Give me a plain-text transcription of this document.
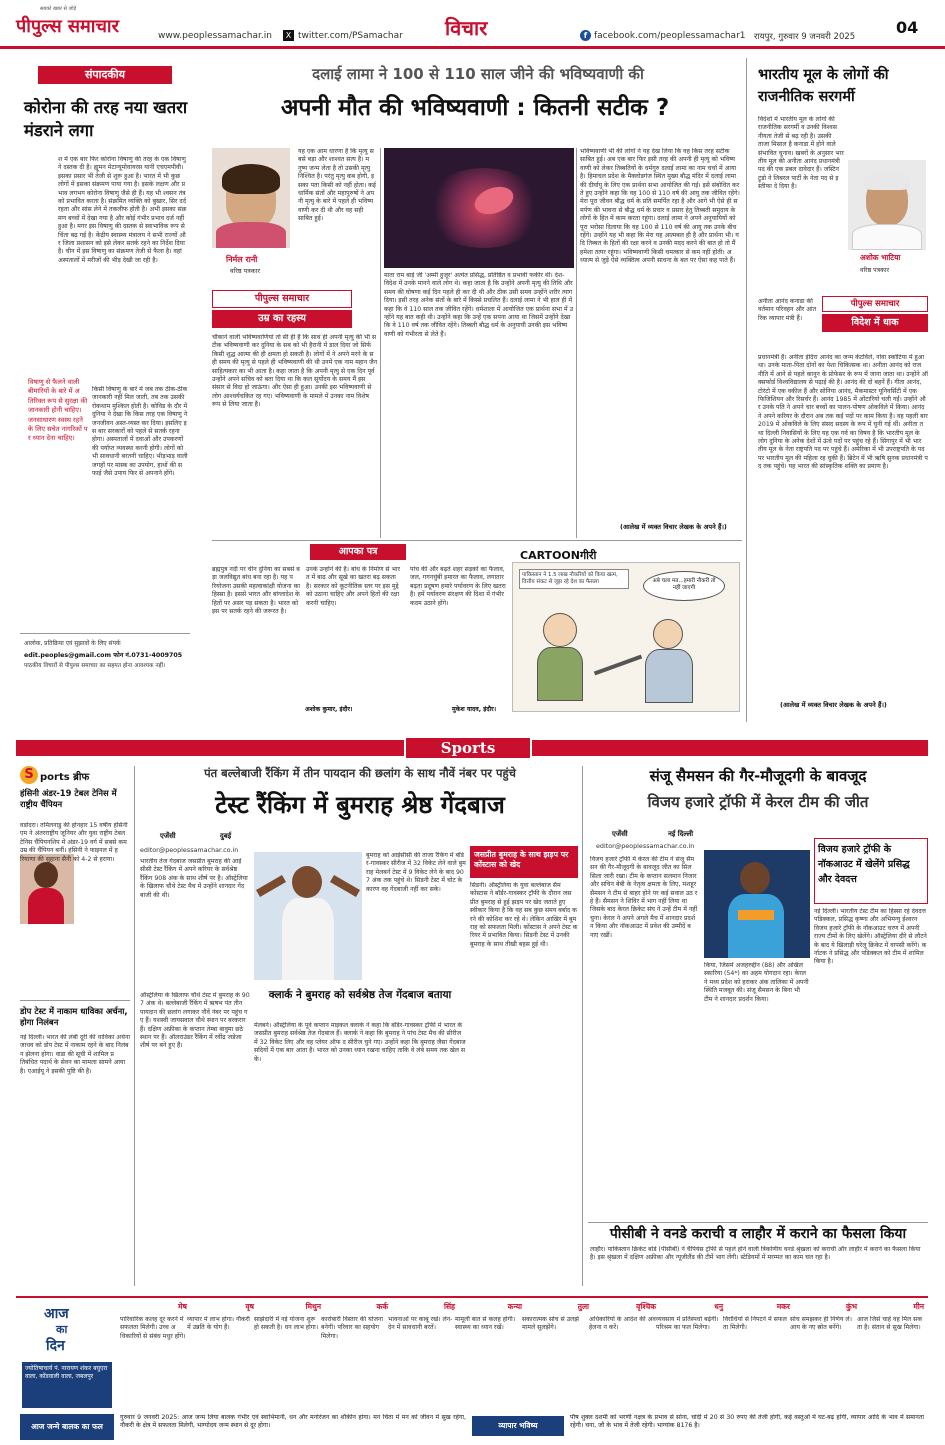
पीपुल्स समाचार
सबको खबर से जोड़े
www.peoplessamachar.in	X twitter.com/PSamachar विचार	f facebook.com/peoplessamachar1 रायपुर, गुरुवार 9 जनवरी 2025	04
संपादकीय
कोरोना की तरह नया खतरा मंडराने लगा
श में एक बार फिर कोरोना विषाणु की तरह के एक विषाणु ने दस्तक दी है। ह्यूमन मेटान्यूमोवायरस यानी एचएमपीवी। इसका प्रसार भी तेजी से शुरू हुआ है। भारत में भी कुछ लोगों में इसका संक्रमण पाया गया है। इसके लक्षण और प्रभाव लगभग कोरोना विषाणु जैसे ही हैं। यह भी श्वसन तंत्र को प्रभावित करता है। संक्रमित व्यक्ति को बुखार, सिर दर्द रहता और सांस लेने में तकलीफ होती है। अभी इसका संक्रमण बच्चों में देखा गया है और कोई गंभीर प्रभाव दर्ज नहीं हुआ है। मगर इस विषाणु की दस्तक से स्वाभाविक रूप से चिंता बढ़ गई है। केंद्रीय स्वास्थ्य मंत्रालय ने सभी राज्यों और जिला प्रशासन को इसे लेकर सतर्क रहने का निर्देश दिया है। चीन में इस विषाणु का संक्रमण तेजी से फैला है। वहां अस्पतालों में मरीजों की भीड़ देखी जा रही है।
विषाणु से फैलने वाली बीमारियों के बारे में अतिरिक्त रूप से सुरक्षा की जानकारी होनी चाहिए। जनसाधारण स्वस्थ रहने के लिए सचेत नागरिकों पर ध्यान देना चाहिए।
किसी विषाणु के बारे में जब तक ठीक-ठीक जानकारी नहीं मिल जाती, तब तक उसकी रोकथाम मुश्किल होती है। कोविड के दौर में दुनिया ने देखा कि किस तरह एक विषाणु ने जनजीवन अस्त-व्यस्त कर दिया। इसलिए इस बार सरकारों को पहले से सतर्क रहना होगा। अस्पतालों में दवाओं और उपकरणों की पर्याप्त व्यवस्था करनी होगी। लोगों को भी सावधानी बरतनी चाहिए। भीड़भाड़ वाली जगहों पर मास्क का उपयोग, हाथों की सफाई जैसे उपाय फिर से अपनाने होंगे।
आलोक, प्रतिक्रिया एवं सुझावों के लिए संपर्क
edit.peoples@gmail.com फोन नं.0731-4009705
पाठकीय विचारों से पीपुल्स समाचार का सहमत होना आवश्यक नहीं।
दलाई लामा ने 100 से 110 साल जीने की भविष्यवाणी की
अपनी मौत की भविष्यवाणी : कितनी सटीक ?
निर्मल रानी
वरिष्ठ पत्रकार
यह एक आम धारणा है कि मृत्यु सबसे बड़ा और शाश्वत सत्य है। मनुष्य जन्म लेता है तो उसकी मृत्यु निश्चित है। परंतु मृत्यु कब होगी, इसका पता किसी को नहीं होता। कई धार्मिक संतों और महापुरुषों ने अपनी मृत्यु के बारे में पहले ही भविष्यवाणी कर दी थी और वह सही साबित हुई।
माता राम बाई जी 'अम्मी हुजूर' अत्यंत प्रसिद्ध, प्रतिष्ठित व प्रभावी फकीर थीं। देश-विदेश में उनके मानने वाले लोग थे। कहा जाता है कि उन्होंने अपनी मृत्यु की तिथि और समय की घोषणा कई दिन पहले ही कर दी थी और ठीक उसी समय उन्होंने शरीर त्याग दिया। इसी तरह अनेक संतों के बारे में किस्से प्रचलित हैं। दलाई लामा ने भी हाल ही में कहा कि वे 110 साल तक जीवित रहेंगे। धर्मशाला में आयोजित एक प्रार्थना सभा में उन्होंने यह बात कही थी। उन्होंने कहा कि उन्हें एक सपना आया था जिसमें उन्होंने देखा कि वे 110 वर्ष तक जीवित रहेंगे। तिब्बती बौद्ध धर्म के अनुयायी उनकी इस भविष्यवाणी को गंभीरता से लेते हैं।
पीपुल्स समाचार
उम्र का रहस्य
चौकाने वाली भविष्यवाणियां तो सी ही हैं कि साथ ही अपनी मृत्यु की भी सटीक भविष्यवाणी कर दुनिया के सब को भी हैरानी में डाल दिया जो सिर्फ किसी शुद्ध आत्मा की ही क्षमता हो सकती है। लोगों में ने अपने मरने के सही समय की मृत्यु से पहले ही भविष्यवाणी की थी उनमें एक नाम महान जैन साहित्यकार का भी आता है। कहा जाता है कि अपनी मृत्यु से एक दिन पूर्व उन्होंने अपने सचिव को बता दिया था कि कल सूर्योदय के समय मैं इस संसार से विदा हो जाऊंगा। और ऐसा ही हुआ। उनकी इस भविष्यवाणी से लोग आश्चर्यचकित रह गए। भविष्यवाणी के मामले में उनका नाम विशेष रूप से लिया जाता है।
भविष्यवाणी भी की लोगों ने यह देख लिया कि वह किस तरह सटीक साबित हुई। अब एक बार फिर इसी तरह की अपनी ही मृत्यु को भविष्यवाणी को लेकर तिब्बतियों के धर्मगुरु दलाई लामा का नाम चर्चा में आया है। हिमाचल प्रदेश के मैक्लोडगंज स्थित मुख्य बौद्ध मंदिर में दलाई लामा की दीर्घायु के लिए एक प्रार्थना सभा आयोजित की गई। इसे संबोधित करते हुए उन्होंने कहा कि वह 100 से 110 वर्ष की आयु तक जीवित रहेंगे। मेरा पूरा जीवन बौद्ध धर्म के प्रति समर्पित रहा है और आगे भी ऐसे ही समर्पण की भावना से बौद्ध धर्म के प्रचार व प्रसार हेतु तिब्बती समुदाय के लोगों के हित में काम करता रहूंगा। दलाई लामा ने अपने अनुयायियों को पूरा भरोसा दिलाया कि वह 100 से 110 वर्ष की आयु तक उनके बीच रहेंगे। उन्होंने यह भी कहा कि मेरा यह आत्मबल ही है और प्रार्थना भी। यदि तिब्बत के हितों की रक्षा करने व उनकी मदद करने की बात हो तो मैं हमेशा तत्पर रहूंगा। भविष्यवाणी किसी चमत्कार से कम नहीं होती। अध्यात्म से जुड़े ऐसे व्यक्तित्व अपनी साधना के बल पर ऐसा कह पाते हैं।
(आलेख में व्यक्त विचार लेखक के अपने हैं।)
भारतीय मूल के लोगों की राजनीतिक सरगर्मी
विदेशों में भारतीय मूल के लोगों की राजनीतिक सरगर्मी व उनकी विश्वसनीयता तेजी से बढ़ रही है। उसकी ताजा मिसाल है कनाडा में होने वाले संभावित चुनाव। खबरों के अनुसार भारतीय मूल की अनीता आनंद प्रधानमंत्री पद की एक प्रबल दावेदार हैं। जस्टिन ट्रूडो ने लिबरल पार्टी के नेता पद से इस्तीफा दे दिया है।
अशोक भाटिया
वरिष्ठ पत्रकार
अनीता आनंद कनाडा की वर्तमान परिवहन और आंतरिक व्यापार मंत्री हैं।
पीपुल्स समाचार
विदेश में धाक
प्रधानमंत्री हैं। अनीता इंदिरा आनंद का जन्म केंटविले, नोवा स्कोटिया में हुआ था। उनके माता-पिता दोनों का पेशा चिकित्सक था। अनीता आनंद को राजनीति में आने से पहले कानून के प्रोफेसर के रूप में जाना जाता था। उन्होंने ऑक्सफोर्ड विश्वविद्यालय से पढ़ाई की है। आनंद की दो बहनें हैं। गीता आनंद, टोरंटो में एक वकील हैं और सोनिया आनंद, मैकमास्टर यूनिवर्सिटी में एक फिजिशियन और रिसर्चर हैं। आनंद 1985 में ओंटारियो चली गईं। उन्होंने और उनके पति ने अपने चार बच्चों का पालन-पोषण ओकविले में किया। आनंद ने अपने करियर के दौरान अब तक कई पदों पर काम किया है। वह पहली बार 2019 में ओकविले के लिए संसद सदस्य के रूप में चुनी गई थीं। अनीता तथा दिल्ली निवासियों के लिए यह एक गर्व का विषय है कि भारतीय मूल के लोग दुनिया के अनेक देशों में ऊंचे पदों पर पहुंच रहे हैं। सिंगापुर में भी भारतीय मूल के नेता राष्ट्रपति पद पर पहुंचे हैं। अमेरिका में भी उपराष्ट्रपति के पद पर भारतीय मूल की महिला रह चुकी हैं। ब्रिटेन में भी ऋषि सुनक प्रधानमंत्री पद तक पहुंचे। यह भारत की सांस्कृतिक शक्ति का प्रमाण है।
(आलेख में व्यक्त विचार लेखक के अपने हैं।)
आपका पत्र
ब्रह्मपुत्र नदी पर चीन दुनिया का सबसे बड़ा जलविद्युत बांध बना रहा है। यह परियोजना उसकी महत्वाकांक्षी योजना का हिस्सा है। इससे भारत और बांग्लादेश के हितों पर असर पड़ सकता है। भारत को इस पर सतर्क रहने की जरूरत है।
अशोक कुमार, इंदौर।
उनके उन्होंने की है। बांध के निर्माण से भारत में बाढ़ और सूखे का खतरा बढ़ सकता है। सरकार को कूटनीतिक स्तर पर इस मुद्दे को उठाना चाहिए और अपने हितों की रक्षा करनी चाहिए।
पांच की और बढ़ते शहर सड़कों का फैलाव, जल, गगनचुंबी इमारत का फैलाव, लगातार बढ़ता प्रदूषण हमारे पर्यावरण के लिए खतरा है। हमें पर्यावरण संरक्षण की दिशा में गंभीर कदम उठाने होंगे।
मुकेश यादव, इंदौर।
CARTOONगीरी
पाकिस्तान ने 1.5 लाख नौकरियों को किया खत्म, वित्तीय संकट से जूझ रहे देश का फैसला	अबे चला मत...हमारी नौकरी तो नहीं जाएगी
Sports
S ports ब्रीफ
हंसिनी अंडर-19 टेबल टेनिस में राष्ट्रीय चैंपियन
वडोदरा। तमिलनाडु की होनहार 15 वर्षीय हंसिनी एम ने अंतरराष्ट्रीय जूनियर और युवा राष्ट्रीय टेबल टेनिस चैंपियनशिप में अंडर-19 वर्ग में सबसे कम उम्र की चैंपियन बनीं। हंसिनी ने फाइनल में हरियाणा की सुहाना सैनी को 4-2 से हराया।
डोप टेस्ट में नाकाम धाविका अर्चना, होगा निलंबन
नई दिल्ली। भारत की लंबी दूरी की धाविका अर्चना जाधव को डोप टेस्ट में नाकाम रहने के बाद निलंबन झेलना होगा। वाडा की सूची में शामिल प्रतिबंधित पदार्थ के सेवन का मामला सामने आया है। एआईयू ने इसकी पुष्टि की है।
पंत बल्लेबाजी रैंकिंग में तीन पायदान की छलांग के साथ नौवें नंबर पर पहुंचे
टेस्ट रैंकिंग में बुमराह श्रेष्ठ गेंदबाज
एजेंसी	दुबई
editor@peoplessamachar.co.in
भारतीय तेज गेंदबाज जसप्रीत बुमराह की आईसीसी टेस्ट रैंकिंग में अपने करियर के सर्वश्रेष्ठ रैंकिंग 908 अंक के साथ शीर्ष पर है। ऑस्ट्रेलिया के खिलाफ चौथे टेस्ट मैच में उन्होंने शानदार गेंदबाजी की थी।
बुमराह को आईसीसी की ताजा रैंकिंग में बॉर्डर-गावस्कर सीरीज में 32 विकेट लेने वाले बुमराह मेलबर्न टेस्ट में 9 विकेट लेने के बाद 907 अंक तक पहुंचे थे। सिडनी टेस्ट में चोट के कारण वह गेंदबाजी नहीं कर सके।
जसप्रीत बुमराह के साथ झड़प पर कोंस्टास को खेद
सिडनी। ऑस्ट्रेलिया के युवा बल्लेबाज सैम कोंस्टास ने बॉर्डर-गावस्कर ट्रॉफी के दौरान जसप्रीत बुमराह से हुई झड़प पर खेद जताते हुए स्वीकार किया है कि वह सब कुछ समय बर्बाद करने की कोशिश कर रहे थे। लेकिन आखिर में बुमराह को सफलता मिली। कोंस्टास ने अपने टेस्ट करियर में प्रभावित किया। सिडनी टेस्ट में उनकी बुमराह के साथ तीखी बहस हुई थी।
क्लार्क ने बुमराह को सर्वश्रेष्ठ तेज गेंदबाज बताया
मेलबर्न। ऑस्ट्रेलिया के पूर्व कप्तान माइकल क्लार्क ने कहा कि बॉर्डर-गावस्कर ट्रॉफी में भारत के जसप्रीत बुमराह सर्वश्रेष्ठ तेज गेंदबाज हैं। क्लार्क ने कहा कि बुमराह ने पांच टेस्ट मैच की सीरीज में 32 विकेट लिए और वह प्लेयर ऑफ द सीरीज चुने गए। उन्होंने कहा कि बुमराह जैसा गेंदबाज सदियों में एक बार आता है। भारत को उनका ध्यान रखना चाहिए ताकि वे लंबे समय तक खेल सकें।
ऑस्ट्रेलिया के खिलाफ चौथे टेस्ट में बुमराह के 907 अंक थे। बल्लेबाजी रैंकिंग में ऋषभ पंत तीन पायदान की छलांग लगाकर नौवें नंबर पर पहुंच गए हैं। यशस्वी जायसवाल चौथे स्थान पर बरकरार हैं। दक्षिण अफ्रीका के कप्तान तेम्बा बावुमा छठे स्थान पर हैं। ऑलराउंडर रैंकिंग में रवींद्र जडेजा शीर्ष पर बने हुए हैं।
संजू सैमसन की गैर-मौजूदगी के बावजूद
विजय हजारे ट्रॉफी में केरल टीम की जीत
एजेंसी	नई दिल्ली
editor@peoplessamachar.co.in
विजय हजारे ट्रॉफी में केरल की टीम ने संजू सैमसन की गैर-मौजूदगी के बावजूद जीत का सिलसिला जारी रखा। टीम के कप्तान सलमान निजार और सचिन बेबी के नेतृत्व क्षमता के लिए, मशहूर सैमसन ने टीम से बाहर होने पर कई सवाल उठ रहे हैं। सैमसन ने शिविर में भाग नहीं लिया था जिसके बाद केरल क्रिकेट संघ ने उन्हें टीम में नहीं चुना। केरल ने अपने अगले मैच में शानदार प्रदर्शन किया और नॉकआउट में प्रवेश की उम्मीदें बनाए रखीं।
विजय हजारे ट्रॉफी के नॉकआउट में खेलेंगे प्रसिद्ध और देवदत्त
नई दिल्ली। भारतीय टेस्ट टीम का हिस्सा रहे देवदत्त पडिक्कल, प्रसिद्ध कृष्णा और अभिमन्यु ईश्वरन विजय हजारे ट्रॉफी के नॉकआउट चरण में अपनी राज्य टीमों के लिए खेलेंगे। ऑस्ट्रेलिया दौरे से लौटने के बाद ये खिलाड़ी घरेलू क्रिकेट में वापसी करेंगे। कर्नाटक ने प्रसिद्ध और पडिक्कल को टीम में शामिल किया है।
किया, जिसमें अजहरुद्दीन (88) और अखिल स्कारिया (54*) का अहम योगदान रहा। केरल ने मध्य प्रदेश को हराकर अंक तालिका में अपनी स्थिति मजबूत की। संजू सैमसन के बिना भी टीम ने शानदार प्रदर्शन किया।
पीसीबी ने वनडे कराची व लाहौर में कराने का फैसला किया
लाहौर। पाकिस्तान क्रिकेट बोर्ड (पीसीबी) ने चैंपियंस ट्रॉफी से पहले होने वाली त्रिकोणीय वनडे श्रृंखला को कराची और लाहौर में कराने का फैसला किया है। इस श्रृंखला में दक्षिण अफ्रीका और न्यूजीलैंड की टीमें भाग लेंगी। स्टेडियमों में मरम्मत का काम चल रहा है।
आज
का
दिन
ज्योतिषाचार्य पं. नारायण शंकर बघुएरा वाला, कोंडवाली वाला, जबलपुर
मेष
पारिवारिक कलह दूर करने में सफलता मिलेगी। उच्च अधिकारियों से संबंध मधुर होंगे।
वृष
व्यापार में लाभ होगा। नौकरी में उन्नति के योग हैं।
मिथुन
साझेदारी में नई योजना शुरू हो सकती है। धन लाभ होगा।
कर्क
कारोबारी विस्तार की योजना बनेगी। परिवार का सहयोग मिलेगा।
सिंह
भावनाओं पर काबू रखें। लेन-देन में सावधानी बरतें।
कन्या
मामूली बात से कलह होगी। स्वास्थ्य का ध्यान रखें।
तुला
सकारात्मक सोच से उलझे मामले सुलझेंगे।
वृश्चिक
अधिकारियों के आदेश की अवहेलना न करें।
धनु
व्यवसाय में प्रतिस्पर्धा बढ़ेगी। परिश्रम का फल मिलेगा।
मकर
विरोधियों से निपटने में सफलता मिलेगी।
कुंभ
सोच समझकर ही निर्णय लें। आय के नए स्रोत बनेंगे।
मीन
आज जिसे चाहें वह मिल सकता है। संतान से सुख मिलेगा।
आज जन्मे बालक का फल
गुरुवार 9 जनवरी 2025: आज जन्म लिया बालक गंभीर एवं स्वाभिमानी, धन और मनोरंजन का शौकीन होगा। मन चिंता में मन को जीवन में सुख रहेगा, नौकरी के क्षेत्र में सफलता मिलेगी, भाग्योदय जन्म स्थान से दूर होगा।	व्यापार भविष्य
पौष शुक्ल दशमी को भरणी नक्षत्र के प्रभाव से सोना, चांदी में 20 से 30 रुपए की तेजी होगी, कई वस्तुओं में घट-बढ़ होगी, व्यापार आदि के भाव में समानता रहेगी। चना, जौ के भाव में तेजी रहेगी। भाग्यांक 8176 है।
